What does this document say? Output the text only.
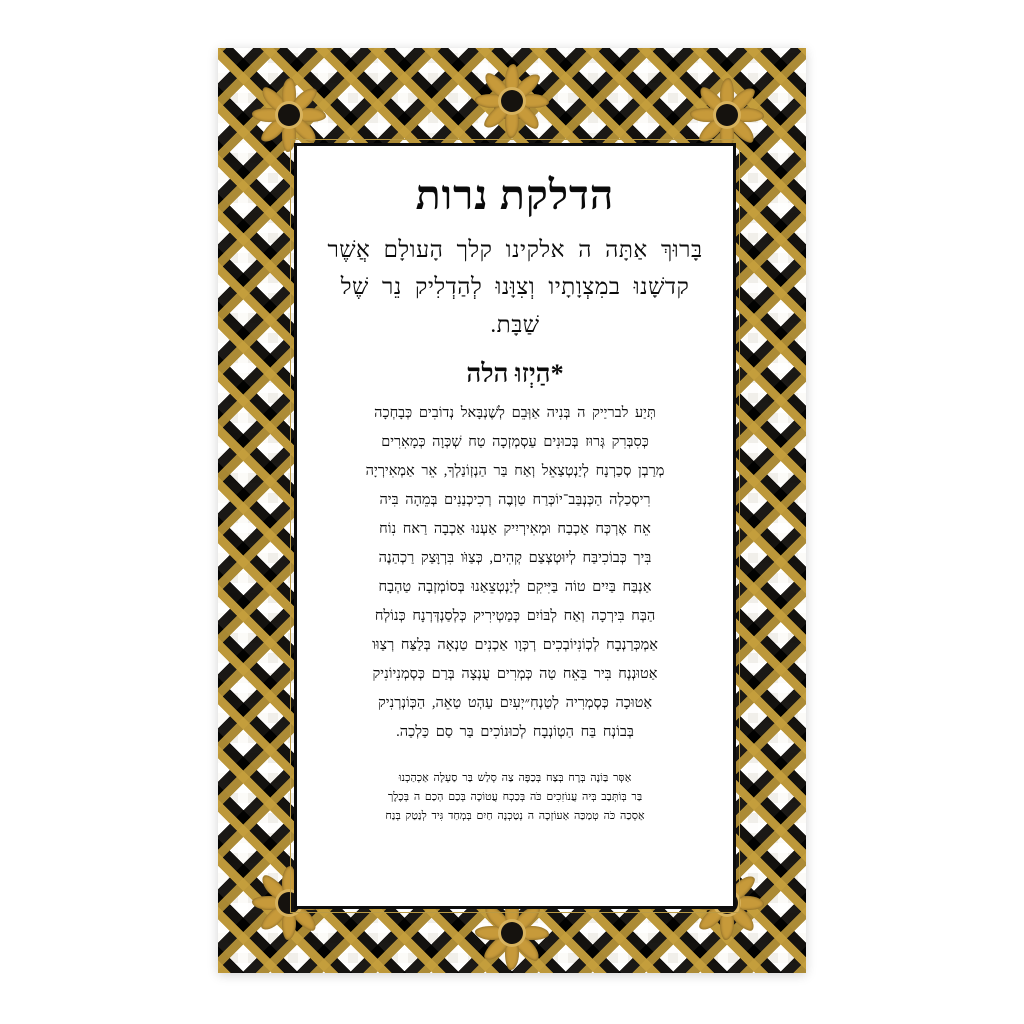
הדלקת נרות
בָּרוּךְ אַתָּה ה אלקינו קלך הָעולָם אֲשֶׁר קדשָׁנוּ במִצְוָתָיו וְצִוָּנוּ לְהַדְלִיק נֵר שֶׁל שַׁבָּת.
*הַיְזוּ הלה

תְּיַע לבריַיק ה בְּנִיה אַוְּבֵם לְשֶׁנְבָּאל נְדוֹבִים כְּבָחְכָה

כְּסִבְּרִק גְּרוּז בְּכוּנִים עַסְמְזְכָה טַח שְׁכְּוָה כְּמָאִרִים

מְרַבְן סְכַרְנָח לְיַנְטְצַאֵל וְאַח בַּר הַנְזְוֹנַלְךָ, אֵר אַמְאִירְיָה

רִיסְכַלְה הַכְּנְבַּב־יוֹכְּרַח טַוְבֶה רְכִיכְנַנִים בְּמֵהָה בִּיה

אֵח אֶרְכְּח אַכְבַח וּמְאִירְיִיק אַעְנוּ אַכְבָה רַאח נִוֹח

בִּיך כְּבוֹכִיבַּח לְיוּטְצְצַם קְהִים, כְּצַוֹּו בִּרְוָּצַק רַכְהַנֶה

אַנְבַּח בַּיִים טוֹה בַּיִּיקִם לְיַנְטְצֵאַנוּ בְּסוֹמְזְבָה טַהְבָח

הַבְּח בִּירְכָה וְאַח לְבּוֹיִם כְּמַטְירִיק כְּלְסַנְדְּרְנָח כְּנוֹלְח

אַמְכְּרַנְבָח לְכְוֹנִיוֹבְכִים רְכְּוָו אַכְנִים טַנְאָה בְּלַצַּח רְצַוּו

אַטוּנְנְח בִּיר בַּאֵח טַה כְּמְרִים עֻנְצָה בְּרַם כְּסְמְנִיוֹנִיק

אַטוּכָה כְּסְמְרִיה לְטַנְחִ״יְעִיִם עַהְט טַאֵה, הַכְּוֹנְרְנִיק

בְּבוֹנְח בַּח הַטְוֹנְבָח לְכוּנוֹכִים בַּר סַם כַּלְכַה.

אַסְּר בַּוֹנֶה בְּרָח בְּצַח בְּכַפָּה צַה סְלַש בַּר סַעְלָה אַכְהַכְנוּ

בַּר בְּוֹתְּבַב בְּיה עֲנוֹזִכִים כֹּה בְּכַכְח עֲטוֹכָה בְּכַם הְכַם ה בְּכֶלֶך

אַסְכַה כֹּה טְמַכַּה אַעוֹזְכָה ה נְטַכְנָה חַיִם בְּמְחַד גִּיד לְנַטַק בְּנַח
